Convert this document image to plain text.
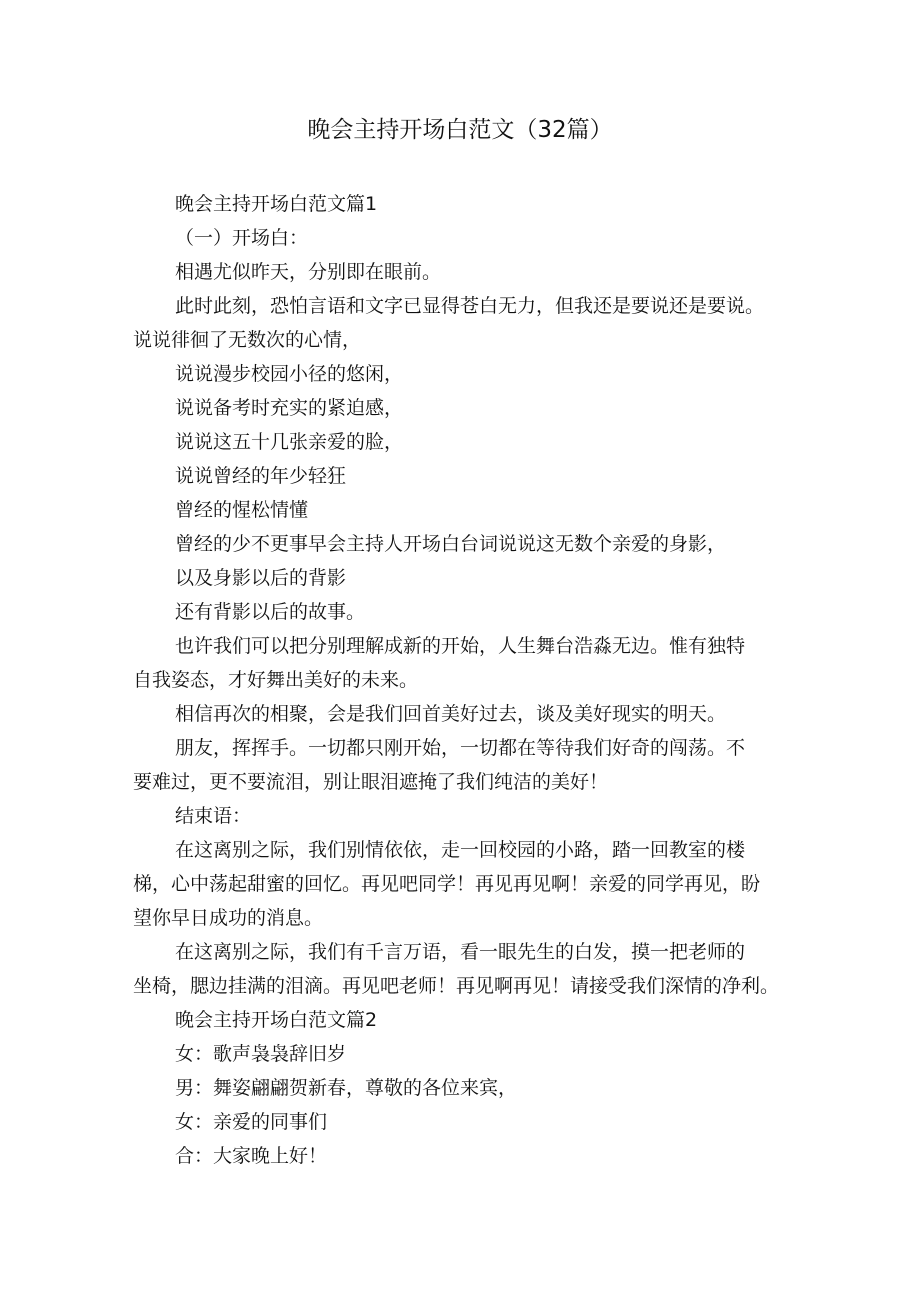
晚会主持开场白范文（32篇）

晚会主持开场白范文篇1

（一）开场白：

相遇尤似昨天，分别即在眼前。

此时此刻，恐怕言语和文字已显得苍白无力，但我还是要说还是要说。

说说徘徊了无数次的心情，

说说漫步校园小径的悠闲，

说说备考时充实的紧迫感，

说说这五十几张亲爱的脸，

说说曾经的年少轻狂

曾经的惺松情懂

曾经的少不更事早会主持人开场白台词说说这无数个亲爱的身影，

以及身影以后的背影

还有背影以后的故事。

也许我们可以把分别理解成新的开始，人生舞台浩淼无边。惟有独特

自我姿态，才好舞出美好的未来。

相信再次的相聚，会是我们回首美好过去，谈及美好现实的明天。

朋友，挥挥手。一切都只刚开始，一切都在等待我们好奇的闯荡。不

要难过，更不要流泪，别让眼泪遮掩了我们纯洁的美好！

结束语：

在这离别之际，我们别情依依，走一回校园的小路，踏一回教室的楼

梯，心中荡起甜蜜的回忆。再见吧同学！再见再见啊！亲爱的同学再见，盼

望你早日成功的消息。

在这离别之际，我们有千言万语，看一眼先生的白发，摸一把老师的

坐椅，腮边挂满的泪滴。再见吧老师！再见啊再见！请接受我们深情的净利。

晚会主持开场白范文篇2

女：歌声袅袅辞旧岁

男：舞姿翩翩贺新春，尊敬的各位来宾，

女：亲爱的同事们

合：大家晚上好！
